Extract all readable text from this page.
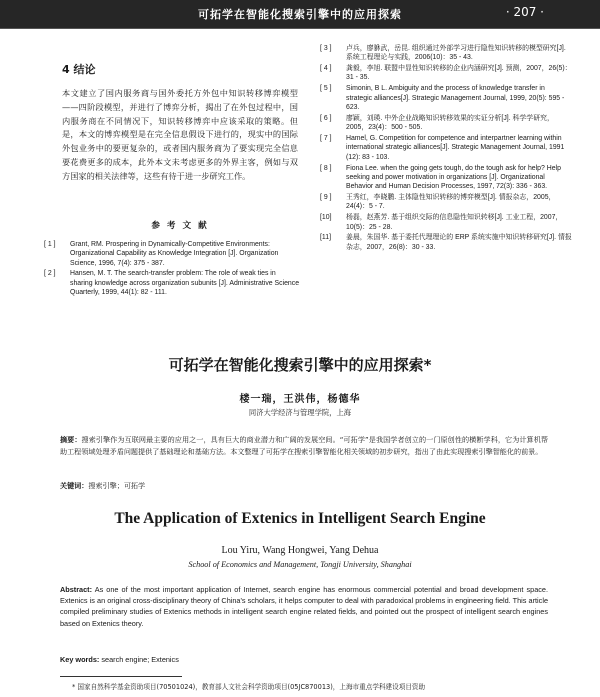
可拓学在智能化搜索引擎中的应用探索	· 207 ·
4 结论
本文建立了国内服务商与国外委托方外包中知识转移博弈模型——四阶段模型，并进行了博弈分析，揭出了在外包过程中，国内服务商在不同情况下，知识转移博弈中应该采取的策略。但是，本文的博弈模型是在完全信息假设下进行的，现实中的国际外包业务中的要更复杂的，或者国内服务商为了要实现完全信息要花费更多的成本，此外本文未考虑更多的外界主客，例如与双方国家的相关法律等，这些有待于进一步研究工作。
参 考 文 献
[ 1 ] Grant, RM. Prospering in Dynamically-Competitive Environments: Organizational Capability as Knowledge Integration [J]. Organization Science, 1996, 7(4): 375 - 387.
[ 2 ] Hansen, M. T. The search-transfer problem: The role of weak ties in sharing knowledge across organization subunits [J]. Administrative Science Quarterly, 1999, 44(1): 82 - 111.
[ 3 ] 卢兵，廖貅武，岳昆. 组织通过外部学习进行隐性知识转移的模型研究[J]. 系统工程理论与实践，2006(10)：35 - 43.
[ 4 ] 龚毅，李旭. 联盟中显性知识转移的企业内涵研究[J]. 预测，2007，26(5)：31 - 35.
[ 5 ] Simonin, B L. Ambiguity and the process of knowledge transfer in strategic alliances[J]. Strategic Management Journal, 1999, 20(5): 595 - 623.
[ 6 ] 廖颖，刘瑛. 中外企业战略知识转移效果的实证分析[J]. 科学学研究，2005，23(4)：500 - 505.
[ 7 ] Hamel, G. Competition for competence and interpartner learning within international strategic alliances[J]. Strategic Management Journal, 1991 (12): 83 - 103.
[ 8 ] Fiona Lee. when the going gets tough, do the tough ask for help? Help seeking and power motivation in organizations [J]. Organizational Behavior and Human Decision Processes, 1997, 72(3): 336 - 363.
[ 9 ] 王秀红，李晓鹏. 主体隐性知识转移的博弈模型[J]. 情报杂志，2005，24(4)：5 - 7.
[10] 杨磊，赵燕芳. 基于组织交际的信息隐性知识转移[J]. 工业工程，2007，10(5)：25 - 28.
[11] 姜晨，朱国华. 基于委托代理理论的 ERP 系统实施中知识转移研究[J]. 情报杂志，2007，26(8)：30 - 33.
可拓学在智能化搜索引擎中的应用探索*
楼一瑞，王洪伟，杨德华
同济大学经济与管理学院，上海
摘要：搜索引擎作为互联网最主要的应用之一，具有巨大的商业潜力和广阔的发展空间。“可拓学”是我国学者创立的一门原创性的横断学科，它为计算机帮助工程领域处理矛盾问题提供了基础理论和基础方法。本文整理了可拓学在搜索引擎智能化相关领域的初步研究，指出了由此实现搜索引擎智能化的前景。
关键词：搜索引擎；可拓学
The Application of Extenics in Intelligent Search Engine
Lou Yiru, Wang Hongwei, Yang Dehua
School of Economics and Management, Tongji University, Shanghai
Abstract: As one of the most important application of Internet, search engine has enormous commercial potential and broad development space. Extenics is an original cross-disciplinary theory of China's scholars, it helps computer to deal with paradoxical problems in engineering field. This article compiled preliminary studies of Extenics methods in intelligent search engine related fields, and pointed out the prospect of intelligent search engines based on Extenics theory.
Key words: search engine; Extenics
* 国家自然科学基金资助项目(70501024)，教育部人文社会科学资助项目(05JC870013)，上海市重点学科建设项目资助
